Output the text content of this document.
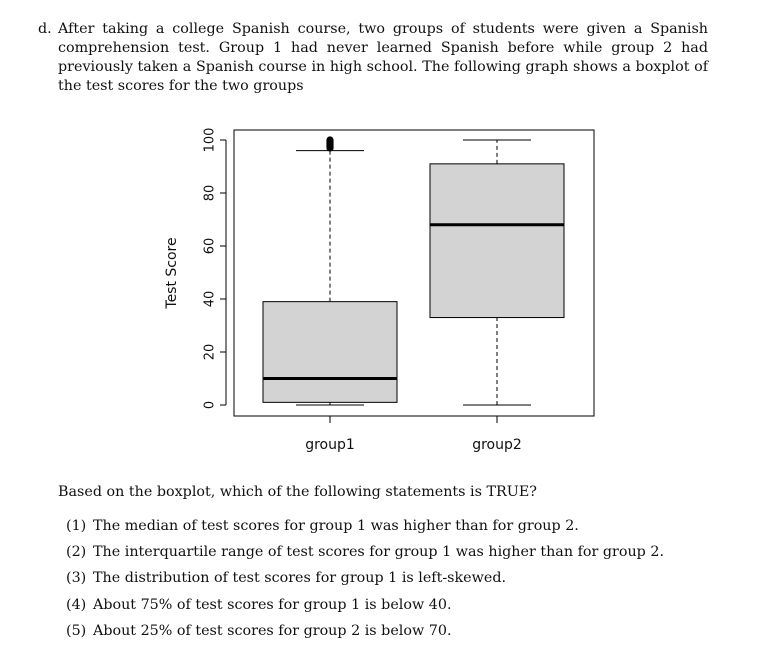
d. After taking a college Spanish course, two groups of students were given a Spanish comprehension test. Group 1 had never learned Spanish before while group 2 had previously taken a Spanish course in high school. The following graph shows a boxplot of the test scores for the two groups
0
20
40
60
80
100
Test Score
group1	group2
Based on the boxplot, which of the following statements is TRUE?
(1) The median of test scores for group 1 was higher than for group 2.
(2) The interquartile range of test scores for group 1 was higher than for group 2.
(3) The distribution of test scores for group 1 is left-skewed.
(4) About 75% of test scores for group 1 is below 40.
(5) About 25% of test scores for group 2 is below 70.
